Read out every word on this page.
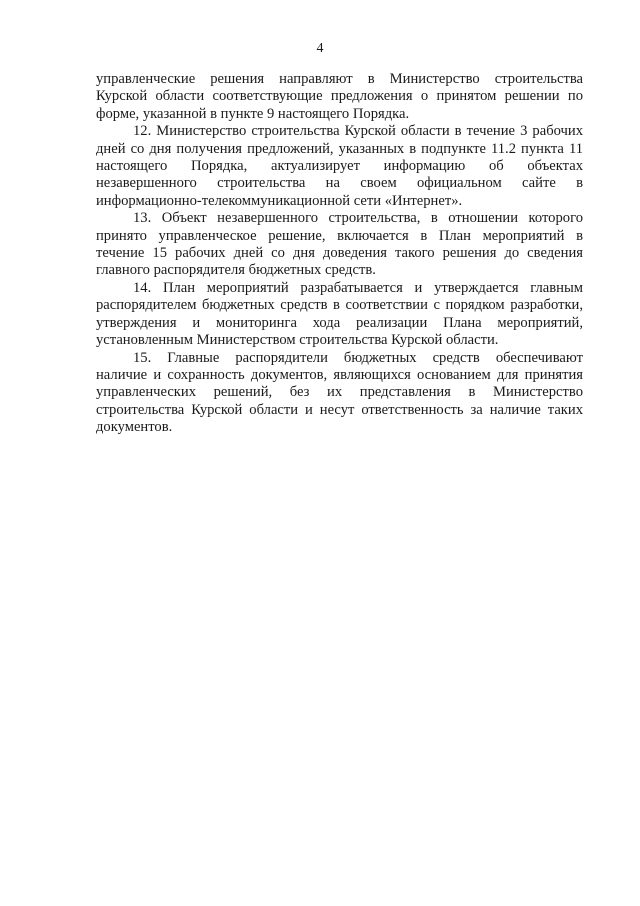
4
управленческие решения направляют в Министерство строительства
Курской области соответствующие предложения о принятом решении по
форме, указанной в пункте 9 настоящего Порядка.
12. Министерство строительства Курской области в течение 3 рабочих
дней со дня получения предложений, указанных в подпункте 11.2 пункта 11
настоящего Порядка, актуализирует информацию об объектах
незавершенного строительства на своем официальном сайте в
информационно-телекоммуникационной сети «Интернет».
13. Объект незавершенного строительства, в отношении которого
принято управленческое решение, включается в План мероприятий в
течение 15 рабочих дней со дня доведения такого решения до сведения
главного распорядителя бюджетных средств.
14. План мероприятий разрабатывается и утверждается главным
распорядителем бюджетных средств в соответствии с порядком разработки,
утверждения и мониторинга хода реализации Плана мероприятий,
установленным Министерством строительства Курской области.
15. Главные распорядители бюджетных средств обеспечивают
наличие и сохранность документов, являющихся основанием для принятия
управленческих решений, без их представления в Министерство
строительства Курской области и несут ответственность за наличие таких
документов.
